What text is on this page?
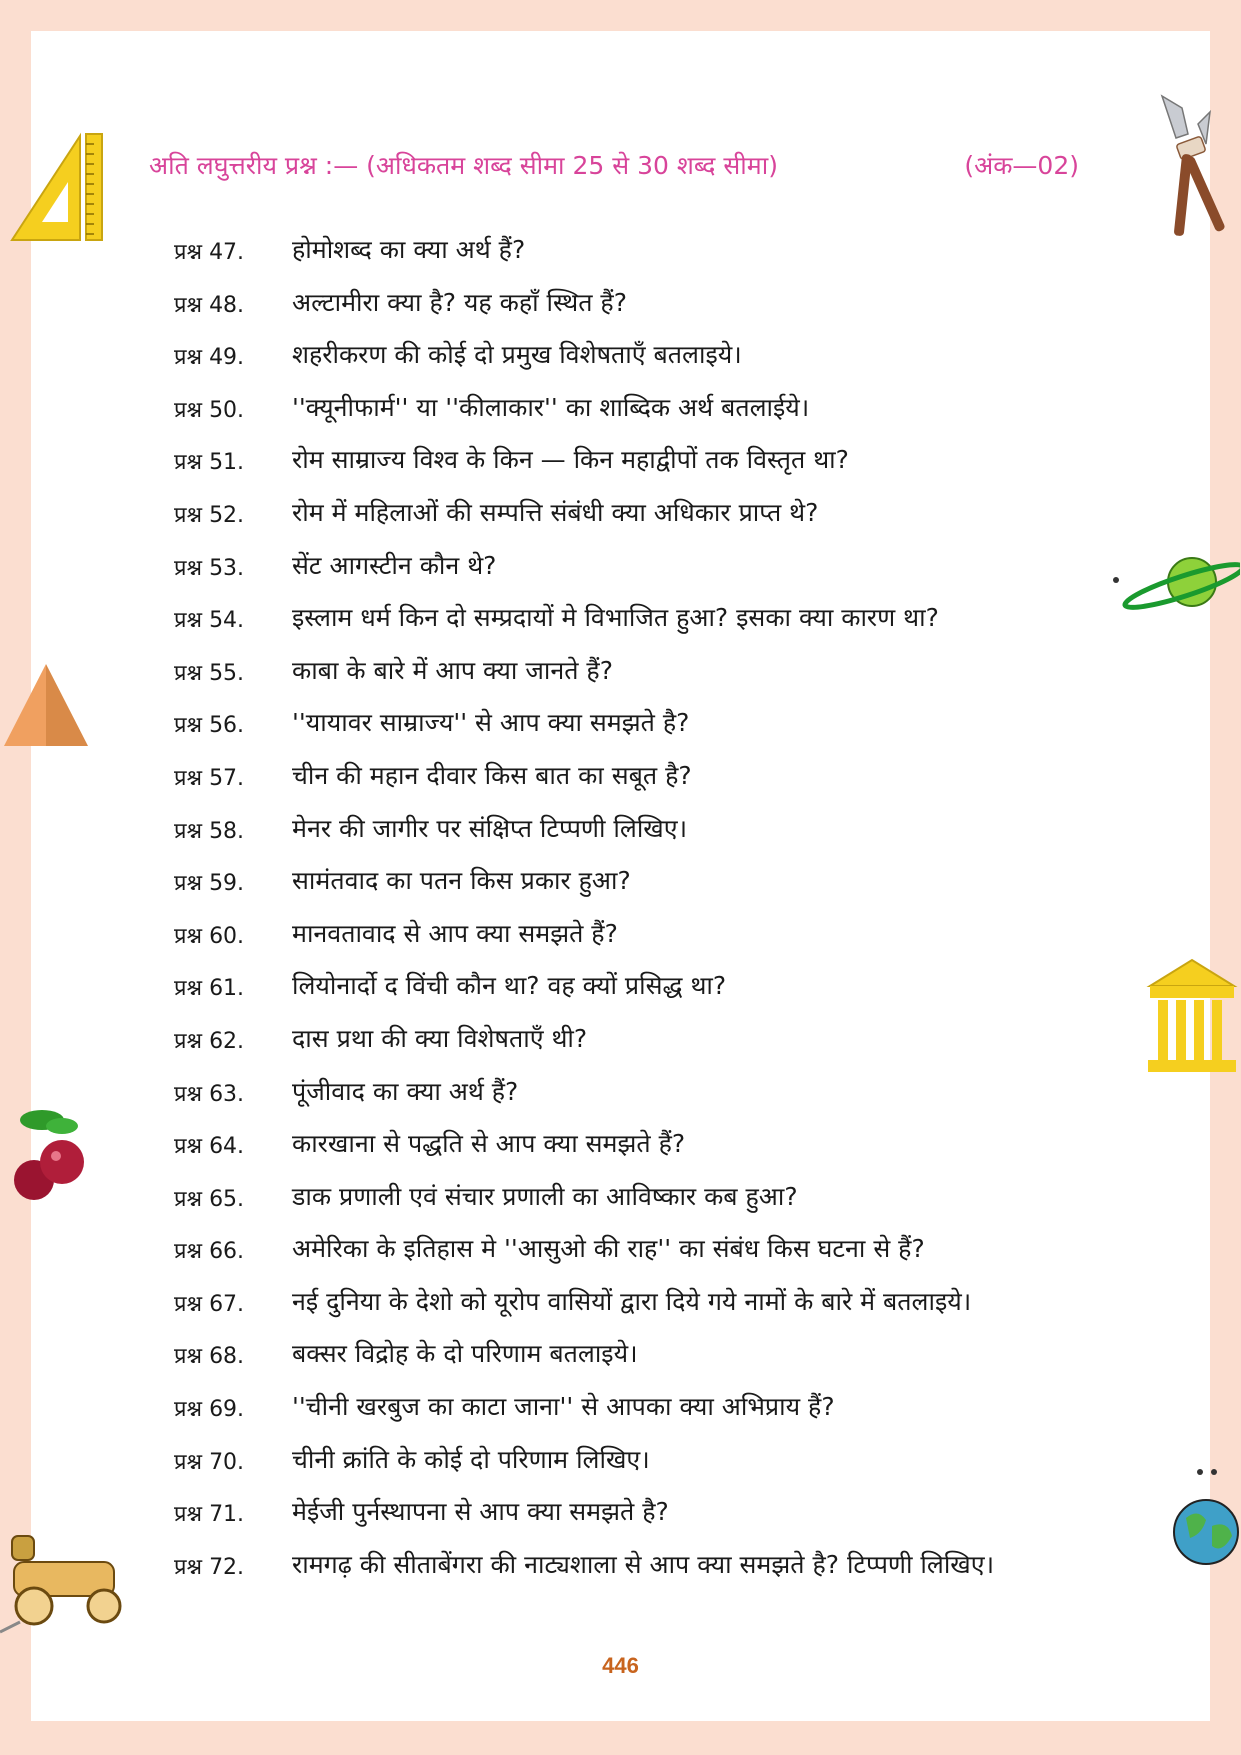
अति लघुत्तरीय प्रश्न :— (अधिकतम शब्द सीमा 25 से 30 शब्द सीमा)	(अंक—02)
प्रश्न 47. होमोशब्द का क्या अर्थ हैं?
प्रश्न 48. अल्टामीरा क्या है? यह कहाँ स्थित हैं?
प्रश्न 49. शहरीकरण की कोई दो प्रमुख विशेषताएँ बतलाइये।
प्रश्न 50. ''क्यूनीफार्म'' या ''कीलाकार'' का शाब्दिक अर्थ बतलाईये।
प्रश्न 51. रोम साम्राज्य विश्व के किन — किन महाद्वीपों तक विस्तृत था?
प्रश्न 52. रोम में महिलाओं की सम्पत्ति संबंधी क्या अधिकार प्राप्त थे?
प्रश्न 53. सेंट आगस्टीन कौन थे?
प्रश्न 54. इस्लाम धर्म किन दो सम्प्रदायों मे विभाजित हुआ? इसका क्या कारण था?
प्रश्न 55. काबा के बारे में आप क्या जानते हैं?
प्रश्न 56. ''यायावर साम्राज्य'' से आप क्या समझते है?
प्रश्न 57. चीन की महान दीवार किस बात का सबूत है?
प्रश्न 58. मेनर की जागीर पर संक्षिप्त टिप्पणी लिखिए।
प्रश्न 59. सामंतवाद का पतन किस प्रकार हुआ?
प्रश्न 60. मानवतावाद से आप क्या समझते हैं?
प्रश्न 61. लियोनार्दो द विंची कौन था? वह क्यों प्रसिद्ध था?
प्रश्न 62. दास प्रथा की क्या विशेषताएँ थी?
प्रश्न 63. पूंजीवाद का क्या अर्थ हैं?
प्रश्न 64. कारखाना से पद्धति से आप क्या समझते हैं?
प्रश्न 65. डाक प्रणाली एवं संचार प्रणाली का आविष्कार कब हुआ?
प्रश्न 66. अमेरिका के इतिहास मे ''आसुओ की राह'' का संबंध किस घटना से हैं?
प्रश्न 67. नई दुनिया के देशो को यूरोप वासियों द्वारा दिये गये नामों के बारे में बतलाइये।
प्रश्न 68. बक्सर विद्रोह के दो परिणाम बतलाइये।
प्रश्न 69. ''चीनी खरबुज का काटा जाना'' से आपका क्या अभिप्राय हैं?
प्रश्न 70. चीनी क्रांति के कोई दो परिणाम लिखिए।
प्रश्न 71. मेईजी पुर्नस्थापना से आप क्या समझते है?
प्रश्न 72. रामगढ़ की सीताबेंगरा की नाट्यशाला से आप क्या समझते है? टिप्पणी लिखिए।
446
